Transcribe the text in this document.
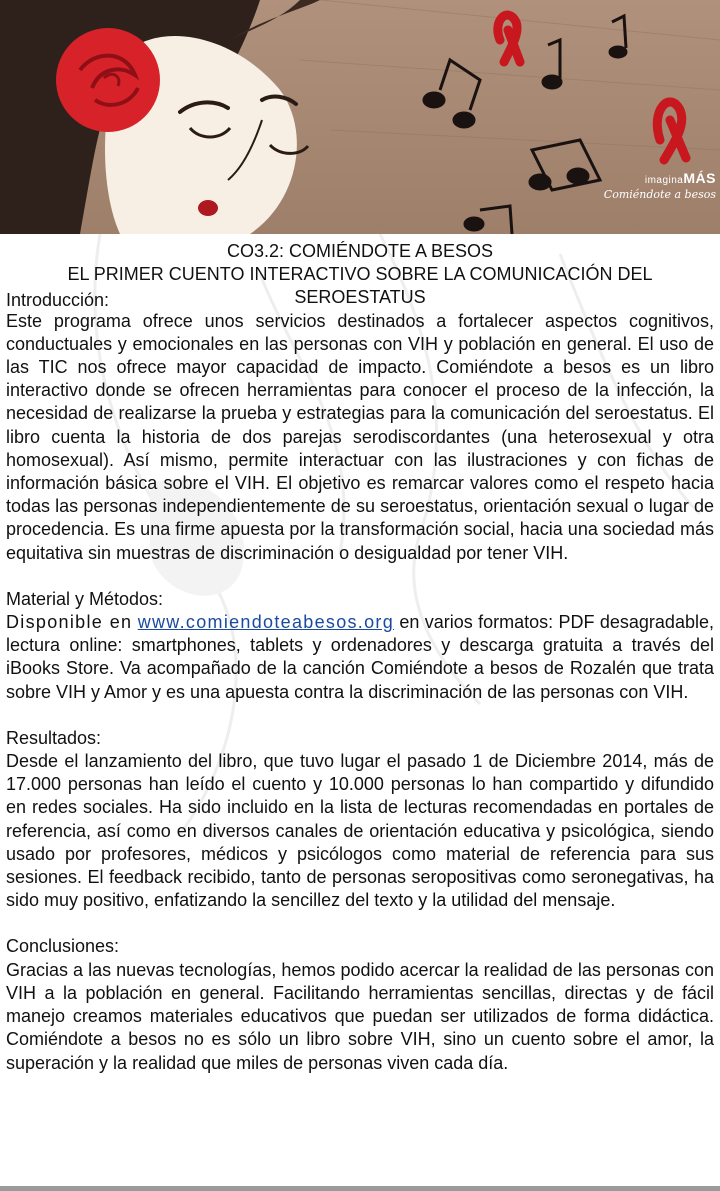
imaginaMÁS
Comiéndote a besos
CO3.2: COMIÉNDOTE A BESOS
EL PRIMER CUENTO INTERACTIVO SOBRE LA COMUNICACIÓN DEL
SEROESTATUS
Introducción:

Este programa ofrece unos servicios destinados a fortalecer aspectos cognitivos, conductuales y emocionales en las personas con VIH y población en general. El uso de las TIC nos ofrece mayor capacidad de impacto. Comiéndote a besos es un libro interactivo donde se ofrecen herramientas para conocer el proceso de la infección, la necesidad de realizarse la prueba y estrategias para la comunicación del seroestatus. El libro cuenta la historia de dos parejas serodiscordantes (una heterosexual y otra homosexual). Así mismo, permite interactuar con las ilustraciones y con fichas de información básica sobre el VIH. El objetivo es remarcar valores como el respeto hacia todas las personas independientemente de su seroestatus, orientación sexual o lugar de procedencia. Es una firme apuesta por la transformación social, hacia una sociedad más equitativa sin muestras de discriminación o desigualdad por tener VIH.

Material y Métodos:

Disponible en www.comiendoteabesos.org en varios formatos: PDF desagradable, lectura online: smartphones, tablets y ordenadores y descarga gratuita a través del iBooks Store. Va acompañado de la canción Comiéndote a besos de Rozalén que trata sobre VIH y Amor y es una apuesta contra la discriminación de las personas con VIH.

Resultados:

Desde el lanzamiento del libro, que tuvo lugar el pasado 1 de Diciembre 2014, más de 17.000 personas han leído el cuento y 10.000 personas lo han compartido y difundido en redes sociales. Ha sido incluido en la lista de lecturas recomendadas en portales de referencia, así como en diversos canales de orientación educativa y psicológica, siendo usado por profesores, médicos y psicólogos como material de referencia para sus sesiones. El feedback recibido, tanto de personas seropositivas como seronegativas, ha sido muy positivo, enfatizando la sencillez del texto y la utilidad del mensaje.

Conclusiones:

Gracias a las nuevas tecnologías, hemos podido acercar la realidad de las personas con VIH a la población en general. Facilitando herramientas sencillas, directas y de fácil manejo creamos materiales educativos que puedan ser utilizados de forma didáctica. Comiéndote a besos no es sólo un libro sobre VIH, sino un cuento sobre el amor, la superación y la realidad que miles de personas viven cada día.
